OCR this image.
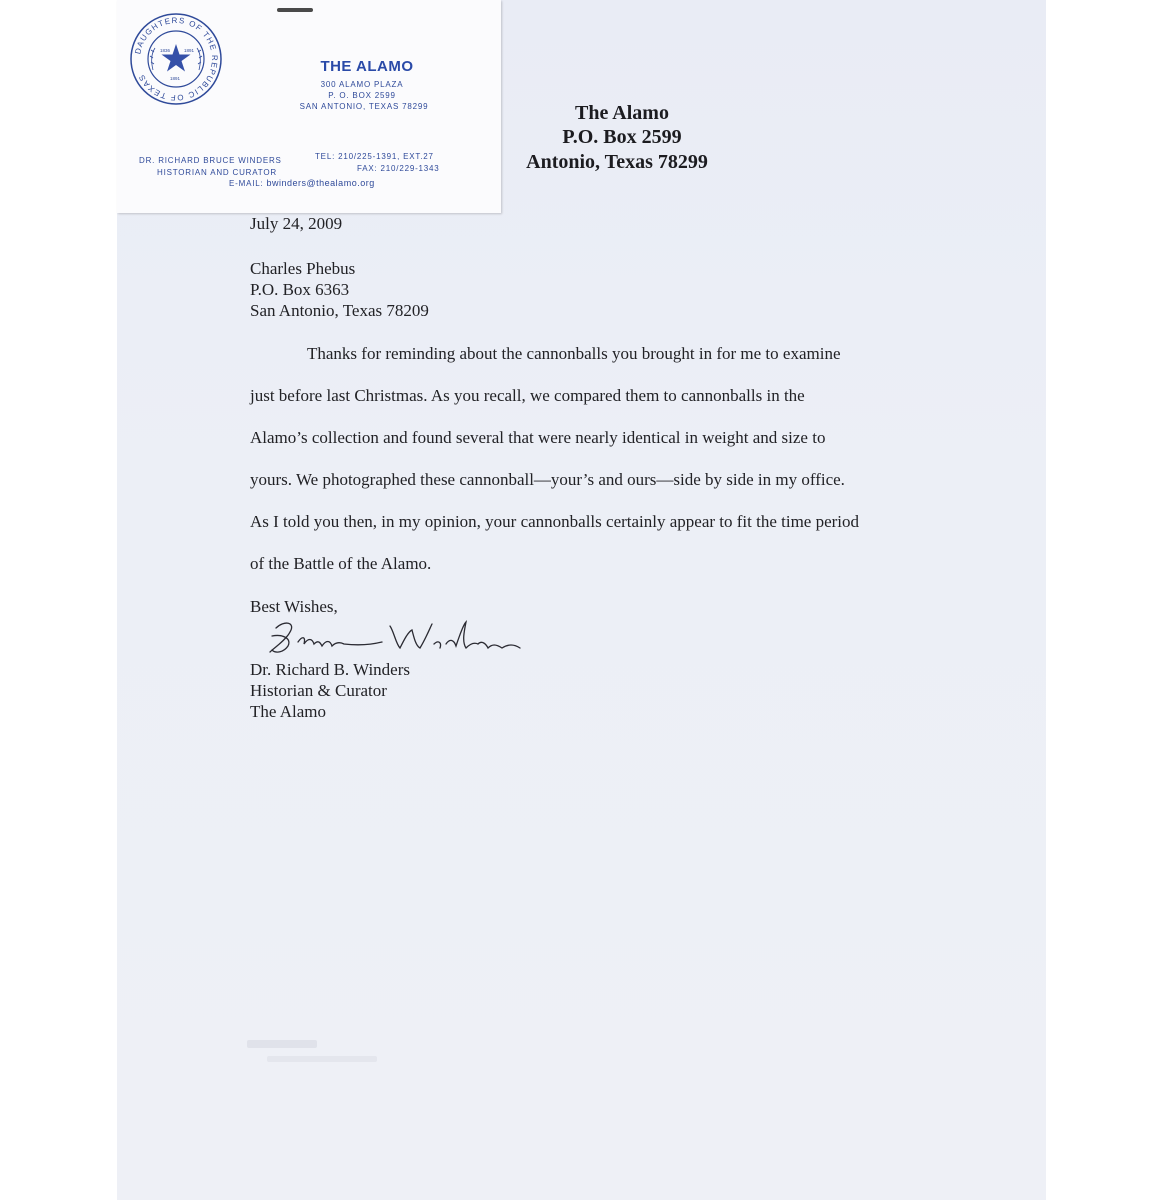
The Alamo
P.O. Box 2599
Antonio, Texas 78299
July 24, 2009
Charles Phebus
P.O. Box 6363
San Antonio, Texas 78209
Thanks for reminding about the cannonballs you brought in for me to examine
just before last Christmas. As you recall, we compared them to cannonballs in the
Alamo’s collection and found several that were nearly identical in weight and size to
yours. We photographed these cannonball—your’s and ours—side by side in my office.
As I told you then, in my opinion, your cannonballs certainly appear to fit the time period
of the Battle of the Alamo.
Best Wishes,
Dr. Richard B. Winders
Historian & Curator
The Alamo
DAUGHTERS OF THE REPUBLIC OF TEXAS
1836	1891
1891
THE ALAMO
300 ALAMO PLAZA
P. O. BOX 2599
SAN ANTONIO, TEXAS 78299
DR. RICHARD BRUCE WINDERS
HISTORIAN AND CURATOR
TEL: 210/225-1391, EXT.27
FAX: 210/229-1343
E-MAIL: bwinders@thealamo.org
